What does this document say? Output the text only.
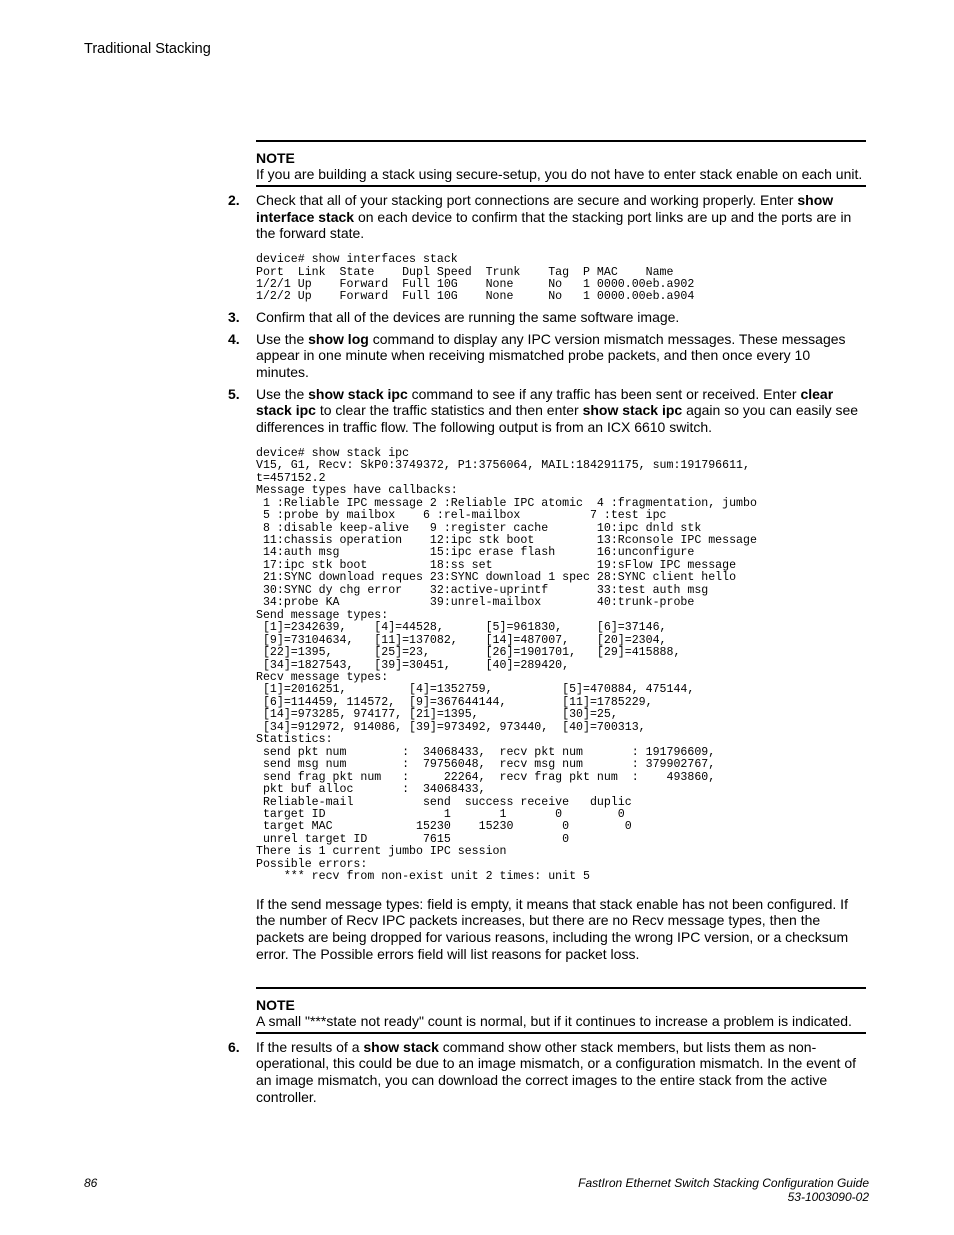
Traditional Stacking
NOTE
If you are building a stack using secure-setup, you do not have to enter stack enable on each unit.
2. Check that all of your stacking port connections are secure and working properly. Enter show interface stack on each device to confirm that the stacking port links are up and the ports are in the forward state.
device# show interfaces stack
Port  Link  State    Dupl Speed  Trunk    Tag  P MAC    Name
1/2/1 Up    Forward  Full 10G    None     No   1 0000.00eb.a902
1/2/2 Up    Forward  Full 10G    None     No   1 0000.00eb.a904
3. Confirm that all of the devices are running the same software image.
4. Use the show log command to display any IPC version mismatch messages. These messages appear in one minute when receiving mismatched probe packets, and then once every 10 minutes.
5. Use the show stack ipc command to see if any traffic has been sent or received. Enter clear stack ipc to clear the traffic statistics and then enter show stack ipc again so you can easily see differences in traffic flow. The following output is from an ICX 6610 switch.
device# show stack ipc
V15, G1, Recv: SkP0:3749372, P1:3756064, MAIL:184291175, sum:191796611,
t=457152.2
Message types have callbacks:
1 :Reliable IPC message 2 :Reliable IPC atomic  4 :fragmentation, jumbo
5 :probe by mailbox    6 :rel-mailbox          7 :test ipc
8 :disable keep-alive   9 :register cache       10:ipc dnld stk
11:chassis operation    12:ipc stk boot         13:Rconsole IPC message
14:auth msg             15:ipc erase flash      16:unconfigure
17:ipc stk boot         18:ss set               19:sFlow IPC message
21:SYNC download reques 23:SYNC download 1 spec 28:SYNC client hello
30:SYNC dy chg error    32:active-uprintf       33:test auth msg
34:probe KA             39:unrel-mailbox        40:trunk-probe
Send message types:
[1]=2342639,    [4]=44528,      [5]=961830,     [6]=37146,
[9]=73104634,   [11]=137082,    [14]=487007,    [20]=2304,
[22]=1395,      [25]=23,        [26]=1901701,   [29]=415888,
[34]=1827543,   [39]=30451,     [40]=289420,
Recv message types:
[1]=2016251,         [4]=1352759,          [5]=470884, 475144,
[6]=114459, 114572,  [9]=367644144,        [11]=1785229,
[14]=973285, 974177, [21]=1395,            [30]=25,
[34]=912972, 914086, [39]=973492, 973440,  [40]=700313,
Statistics:
send pkt num        :  34068433,  recv pkt num       : 191796609,
send msg num        :  79756048,  recv msg num       : 379902767,
send frag pkt num   :     22264,  recv frag pkt num  :    493860,
pkt buf alloc       :  34068433,
Reliable-mail          send  success receive   duplic
target ID                 1       1       0        0
target MAC            15230    15230       0        0
unrel target ID        7615                0
There is 1 current jumbo IPC session
Possible errors:
*** recv from non-exist unit 2 times: unit 5
If the send message types: field is empty, it means that stack enable has not been configured. If the number of Recv IPC packets increases, but there are no Recv message types, then the packets are being dropped for various reasons, including the wrong IPC version, or a checksum error. The Possible errors field will list reasons for packet loss.
NOTE
A small "***state not ready" count is normal, but if it continues to increase a problem is indicated.
6. If the results of a show stack command show other stack members, but lists them as non-operational, this could be due to an image mismatch, or a configuration mismatch. In the event of an image mismatch, you can download the correct images to the entire stack from the active controller.
86	FastIron Ethernet Switch Stacking Configuration Guide
53-1003090-02
